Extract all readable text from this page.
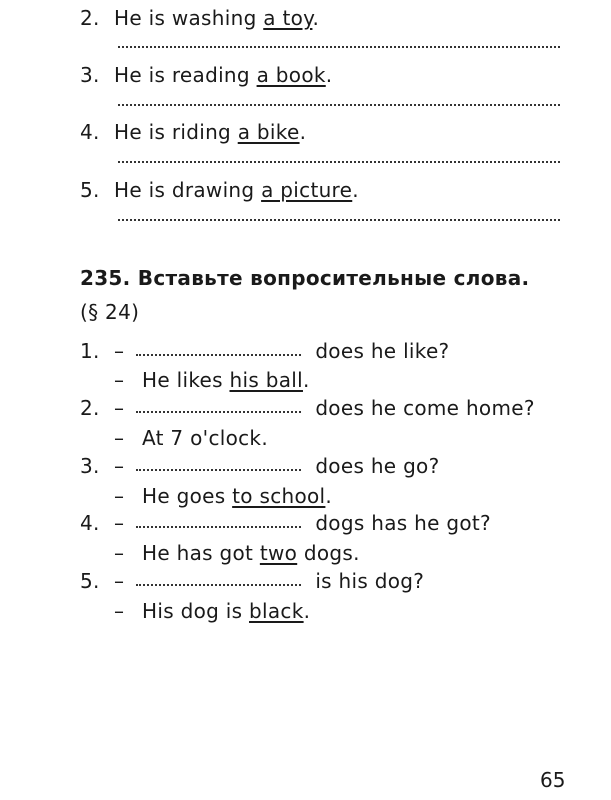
2. He is washing a toy.
3. He is reading a book.
4. He is riding a bike.
5. He is drawing a picture.
235. Вставьте вопросительные слова.
(§ 24)
1. –	does he like?
– He likes his ball.
2. –	does he come home?
– At 7 o'clock.
3. –	does he go?
– He goes to school.
4. –	dogs has he got?
– He has got two dogs.
5. –	is his dog?
– His dog is black.
65
